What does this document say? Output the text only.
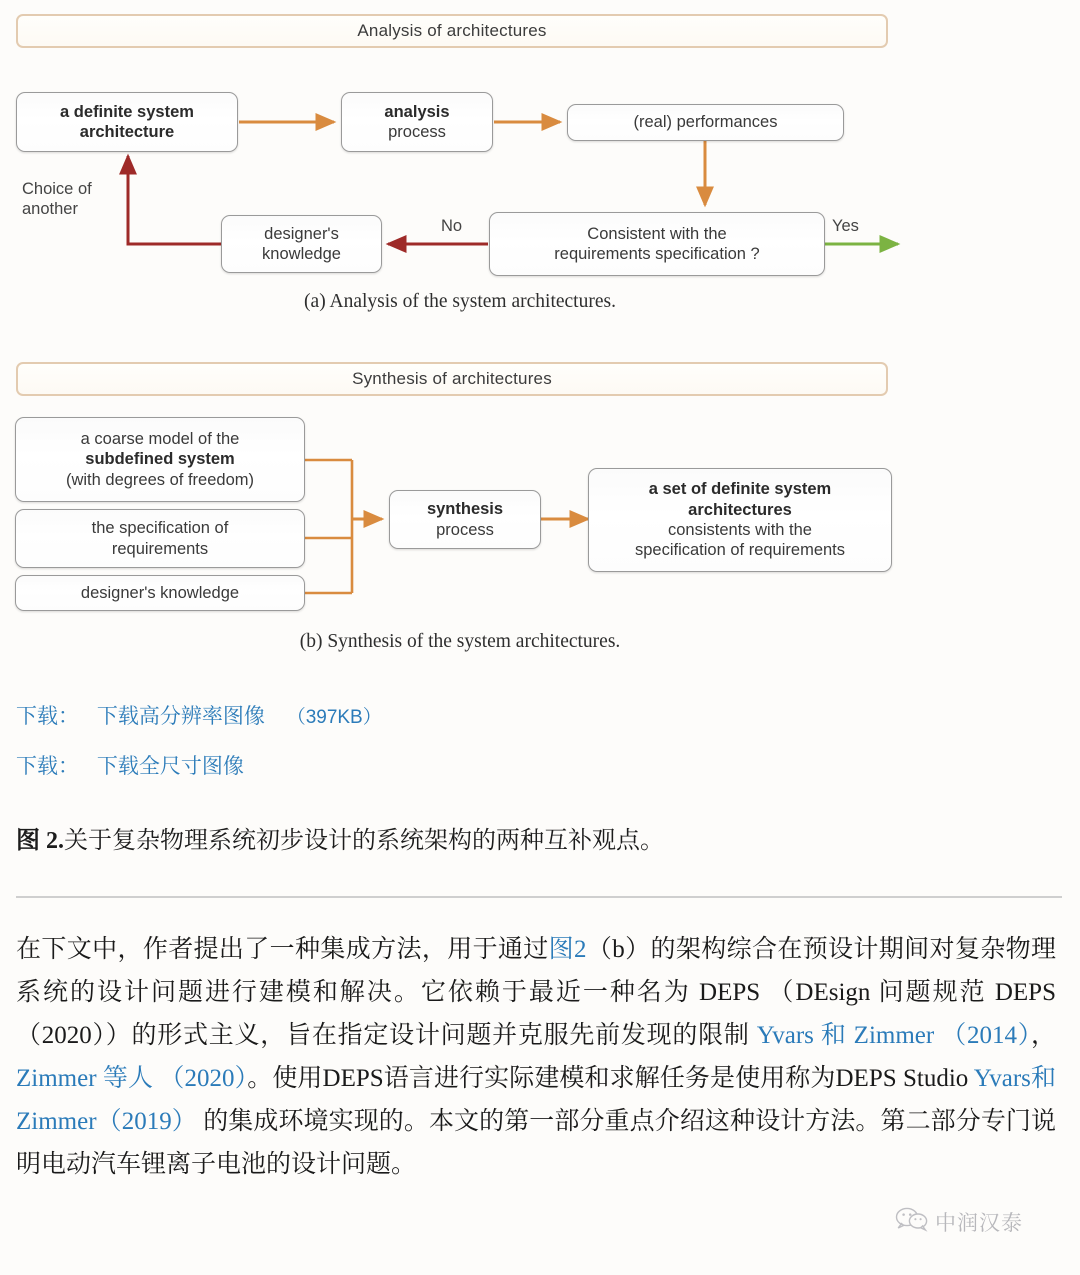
Analysis of architectures
a definite system
architecture
analysis
process
(real) performances
designer's
knowledge
Consistent with the
requirements specification ?
Choice of
another
No	Yes
(a) Analysis of the system architectures.
Synthesis of architectures
a coarse model of the
subdefined system
(with degrees of freedom)
the specification of
requirements
designer's knowledge
synthesis
process
a set of definite system
architectures
consistents with the
specification of requirements
(b) Synthesis of the system architectures.
下载： 下载高分辨率图像 （397KB）
下载： 下载全尺寸图像
图 2.关于复杂物理系统初步设计的系统架构的两种互补观点。
在下文中，作者提出了一种集成方法，用于通过图2（b）的架构综合在预设计期间对复杂物理系统的设计问题进行建模和解决。它依赖于最近一种名为 DEPS （DEsign 问题规范 DEPS （2020））的形式主义，旨在指定设计问题并克服先前发现的限制 Yvars 和 Zimmer （2014），Zimmer 等人 （2020）。使用DEPS语言进行实际建模和求解任务是使用称为DEPS Studio Yvars和Zimmer（2019） 的集成环境实现的。本文的第一部分重点介绍这种设计方法。第二部分专门说明电动汽车锂离子电池的设计问题。
中润汉泰
